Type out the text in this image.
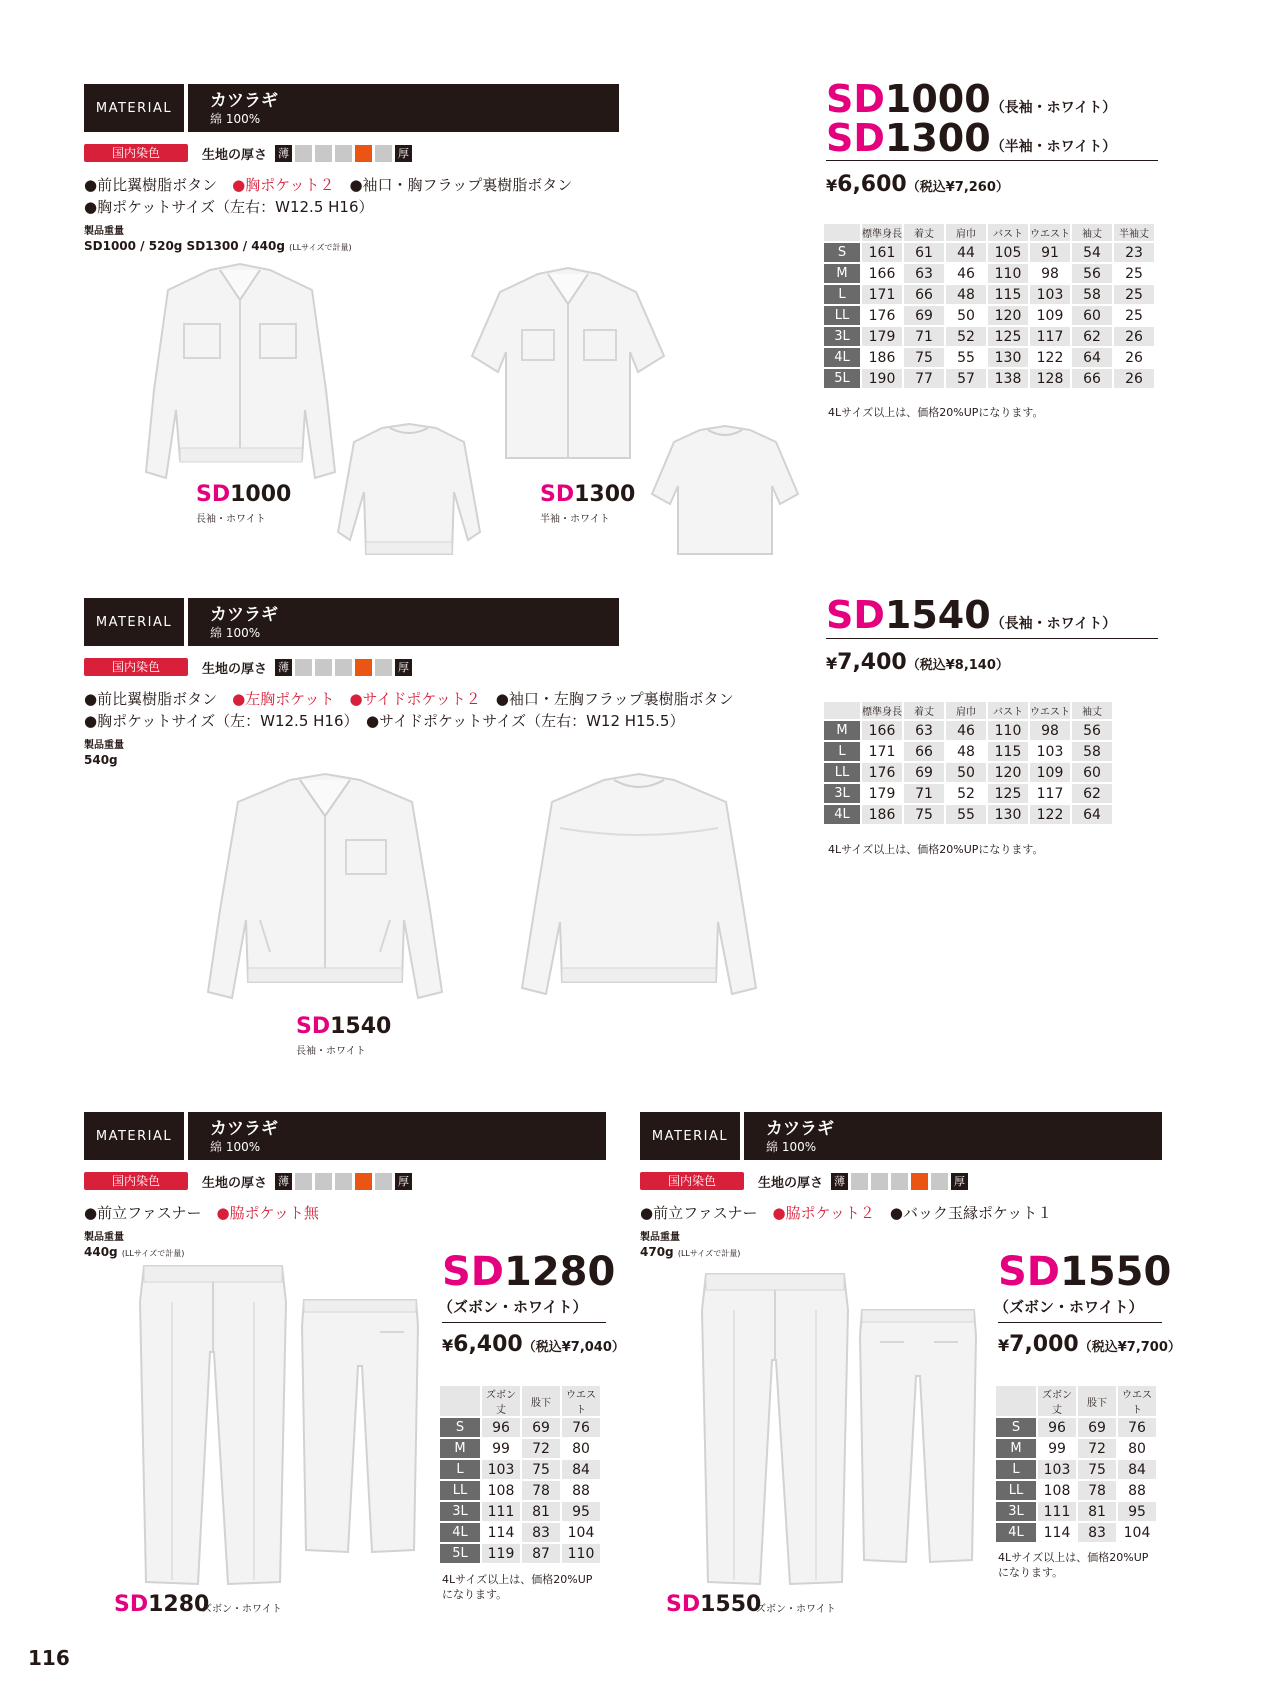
MATERIAL	カツラギ
綿 100%
国内染色	生地の厚さ 薄	厚
●前比翼樹脂ボタン　 ●胸ポケット２　 ●袖口・胸フラップ裏樹脂ボタン
●胸ポケットサイズ（左右：W12.5 H16）
製品重量
SD1000 / 520g SD1300 / 440g (LLサイズで計量)
SD1000（長袖・ホワイト）
SD1300（半袖・ホワイト）
¥6,600（税込¥7,260）
	標準身長	着丈	肩巾	バスト	ウエスト	袖丈	半袖丈
S	161	61	44	105	91	54	23
M	166	63	46	110	98	56	25
L	171	66	48	115	103	58	25
LL	176	69	50	120	109	60	25
3L	179	71	52	125	117	62	26
4L	186	75	55	130	122	64	26
5L	190	77	57	138	128	66	26
4Lサイズ以上は、価格20%UPになります。
SD1000
長袖・ホワイト
SD1300
半袖・ホワイト
MATERIAL	カツラギ
綿 100%
国内染色	生地の厚さ 薄	厚
●前比翼樹脂ボタン　 ●左胸ポケット　 ●サイドポケット２　 ●袖口・左胸フラップ裏樹脂ボタン
●胸ポケットサイズ（左：W12.5 H16）　●サイドポケットサイズ（左右：W12 H15.5）
製品重量
540g
SD1540（長袖・ホワイト）
¥7,400（税込¥8,140）
	標準身長	着丈	肩巾	バスト	ウエスト	袖丈
M	166	63	46	110	98	56
L	171	66	48	115	103	58
LL	176	69	50	120	109	60
3L	179	71	52	125	117	62
4L	186	75	55	130	122	64
4Lサイズ以上は、価格20%UPになります。
SD1540
長袖・ホワイト
MATERIAL	カツラギ
綿 100%
国内染色	生地の厚さ 薄	厚
●前立ファスナー　 ●脇ポケット無
製品重量
440g (LLサイズで計量)	SD1280
（ズボン・ホワイト）
¥6,400（税込¥7,040）
	ズボン丈	股下	ウエスト
S	96	69	76
M	99	72	80
L	103	75	84
LL	108	78	88
3L	111	81	95
4L	114	83	104
5L	119	87	110
4Lサイズ以上は、価格20%UP
になります。
SD1280
ズボン・ホワイト
MATERIAL	カツラギ
綿 100%
国内染色	生地の厚さ 薄	厚
●前立ファスナー　 ●脇ポケット２　 ●バック玉縁ポケット１
製品重量
470g (LLサイズで計量)	SD1550
（ズボン・ホワイト）
¥7,000（税込¥7,700）
	ズボン丈	股下	ウエスト
S	96	69	76
M	99	72	80
L	103	75	84
LL	108	78	88
3L	111	81	95
4L	114	83	104
4Lサイズ以上は、価格20%UP
になります。
SD1550
ズボン・ホワイト
116
